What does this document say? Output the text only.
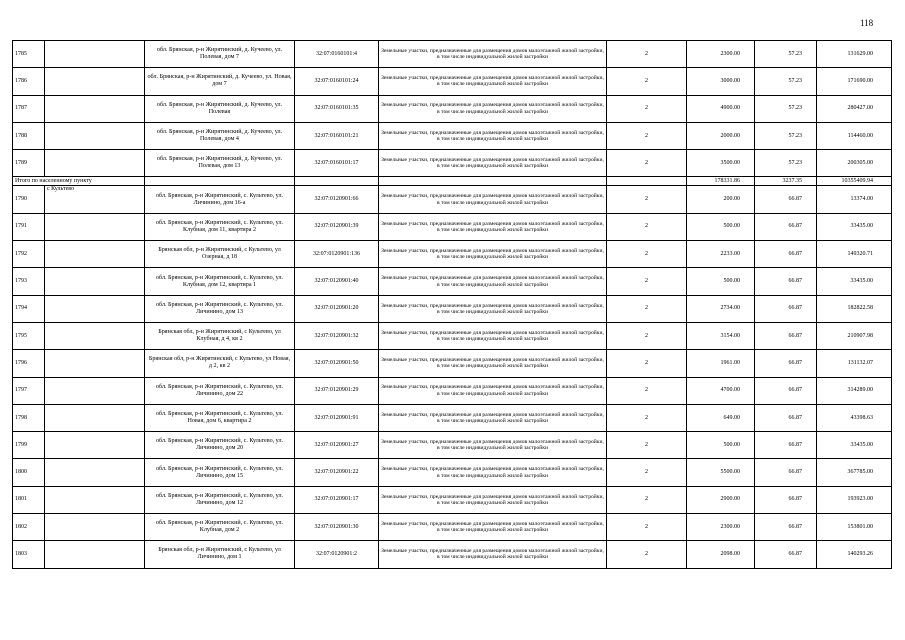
118
1785		обл. Брянская, р-н Жирятинский, д. Кучеево, ул. Полевая, дом 7	32:07:0160101:4	Земельные участки, предназначенные для размещения домов малоэтажной жилой застройки, в том числе индивидуальной жилой застройки	2	2300.00	57.23	131629.00
1786		обл. Брянская, р-н Жирятинский, д. Кучеево, ул. Новая, дом 7	32:07:0160101:24	Земельные участки, предназначенные для размещения домов малоэтажной жилой застройки, в том числе индивидуальной жилой застройки	2	3000.00	57.23	171690.00
1787		обл. Брянская, р-н Жирятинский, д. Кучеево, ул. Полевая	32:07:0160101:35	Земельные участки, предназначенные для размещения домов малоэтажной жилой застройки, в том числе индивидуальной жилой застройки	2	4900.00	57.23	280427.00
1788		обл. Брянская, р-н Жирятинский, д. Кучеево, ул. Полевая, дом 4	32:07:0160101:21	Земельные участки, предназначенные для размещения домов малоэтажной жилой застройки, в том числе индивидуальной жилой застройки	2	2000.00	57.23	114460.00
1789		обл. Брянская, р-н Жирятинский, д. Кучеево, ул. Полевая, дом 13	32:07:0160101:17	Земельные участки, предназначенные для размещения домов малоэтажной жилой застройки, в том числе индивидуальной жилой застройки	2	3500.00	57.23	200305.00
Итого по населенному пункту						178331.86	3237.35	10355409.94
1790	с Культево	обл. Брянская, р-н Жирятинский, с. Культево, ул. Личинино, дом 16-а	32:07:0120901:66	Земельные участки, предназначенные для размещения домов малоэтажной жилой застройки, в том числе индивидуальной жилой застройки	2	200.00	66.87	13374.00
1791		обл. Брянская, р-н Жирятинский, с. Культево, ул. Клубная, дом 11, квартира 2	32:07:0120901:39	Земельные участки, предназначенные для размещения домов малоэтажной жилой застройки, в том числе индивидуальной жилой застройки	2	500.00	66.87	33435.00
1792		Брянская обл, р-н Жирятинский, с Культево, ул Озерная, д 18	32:07:0120901:136	Земельные участки, предназначенные для размещения домов малоэтажной жилой застройки, в том числе индивидуальной жилой застройки	2	2233.00	66.87	149320.71
1793		обл. Брянская, р-н Жирятинский, с. Культево, ул. Клубная, дом 12, квартира 1	32:07:0120901:40	Земельные участки, предназначенные для размещения домов малоэтажной жилой застройки, в том числе индивидуальной жилой застройки	2	500.00	66.87	33435.00
1794		обл. Брянская, р-н Жирятинский, с. Культево, ул. Личинино, дом 13	32:07:0120901:20	Земельные участки, предназначенные для размещения домов малоэтажной жилой застройки, в том числе индивидуальной жилой застройки	2	2734.00	66.87	182822.58
1795		Брянская обл, р-н Жирятинский, с Культево, ул Клубная, д 4, кв 2	32:07:0120901:32	Земельные участки, предназначенные для размещения домов малоэтажной жилой застройки, в том числе индивидуальной жилой застройки	2	3154.00	66.87	210907.98
1796		Брянская обл, р-н Жирятинский, с Культево, ул Новая, д 2, кв 2	32:07:0120901:50	Земельные участки, предназначенные для размещения домов малоэтажной жилой застройки, в том числе индивидуальной жилой застройки	2	1961.00	66.87	131132.07
1797		обл. Брянская, р-н Жирятинский, с. Культево, ул. Личинино, дом 22	32:07:0120901:29	Земельные участки, предназначенные для размещения домов малоэтажной жилой застройки, в том числе индивидуальной жилой застройки	2	4700.00	66.87	314289.00
1798		обл. Брянская, р-н Жирятинский, с. Культево, ул. Новая, дом 6, квартира 2	32:07:0120901:91	Земельные участки, предназначенные для размещения домов малоэтажной жилой застройки, в том числе индивидуальной жилой застройки	2	649.00	66.87	43398.63
1799		обл. Брянская, р-н Жирятинский, с. Культево, ул. Личинино, дом 20	32:07:0120901:27	Земельные участки, предназначенные для размещения домов малоэтажной жилой застройки, в том числе индивидуальной жилой застройки	2	500.00	66.87	33435.00
1800		обл. Брянская, р-н Жирятинский, с. Культево, ул. Личинино, дом 15	32:07:0120901:22	Земельные участки, предназначенные для размещения домов малоэтажной жилой застройки, в том числе индивидуальной жилой застройки	2	5500.00	66.87	367785.00
1801		обл. Брянская, р-н Жирятинский, с. Культево, ул. Личинино, дом 12	32:07:0120901:17	Земельные участки, предназначенные для размещения домов малоэтажной жилой застройки, в том числе индивидуальной жилой застройки	2	2900.00	66.87	193923.00
1802		обл. Брянская, р-н Жирятинский, с. Культево, ул. Клубная, дом 2	32:07:0120901:30	Земельные участки, предназначенные для размещения домов малоэтажной жилой застройки, в том числе индивидуальной жилой застройки	2	2300.00	66.87	153801.00
1803		Брянская обл, р-н Жирятинский, с Культево, ул Личинино, дом 1	32:07:0120901:2	Земельные участки, предназначенные для размещения домов малоэтажной жилой застройки, в том числе индивидуальной жилой застройки	2	2098.00	66.87	140293.26
